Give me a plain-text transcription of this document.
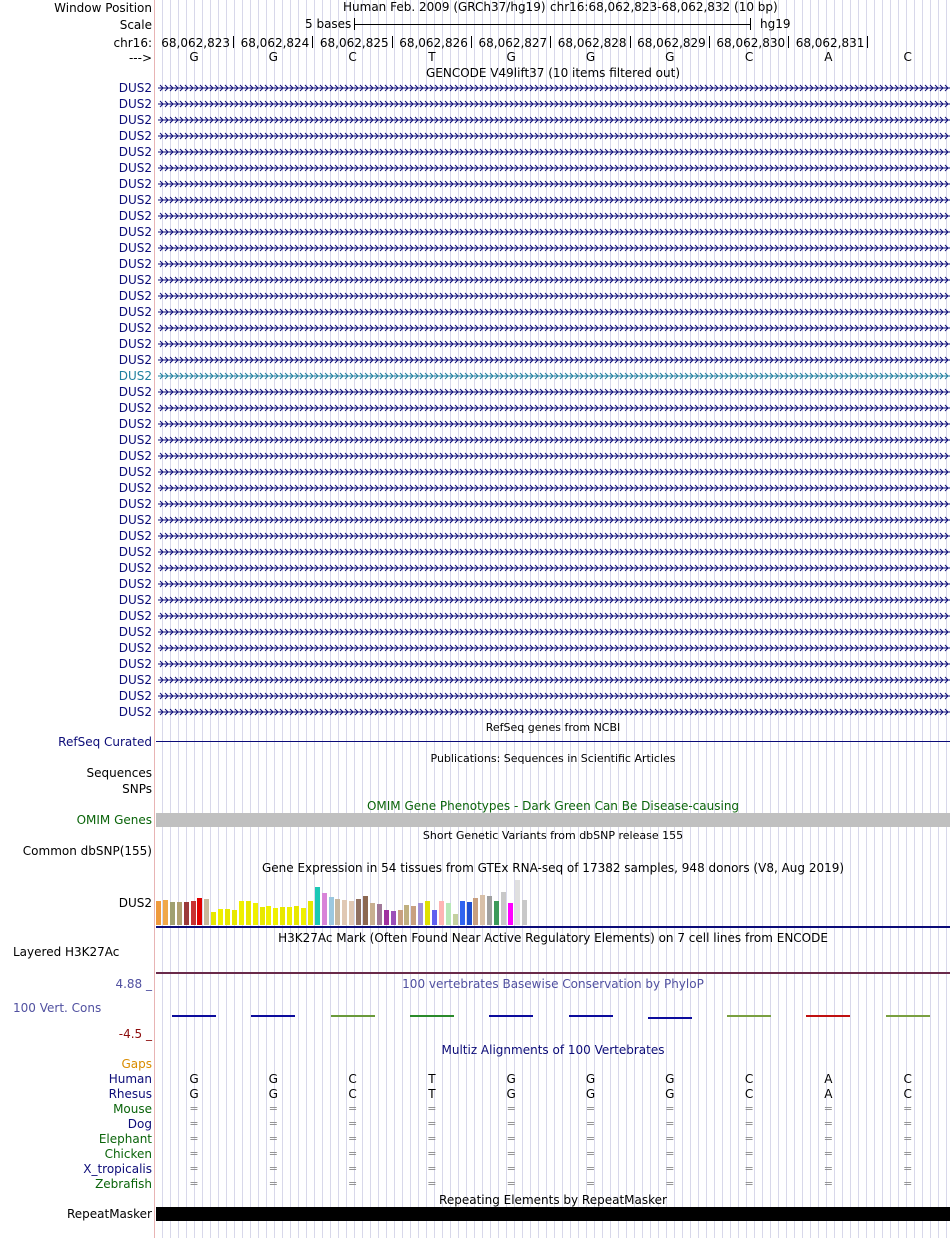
Window Position	Human Feb. 2009 (GRCh37/hg19) chr16:68,062,823-68,062,832 (10 bp)
Scale	5 bases	hg19
chr16: 68,062,823 68,062,824 68,062,825 68,062,826 68,062,827 68,062,828 68,062,829 68,062,830 68,062,831
--->	G	G	C	T	G	G	G	C	A	C
GENCODE V49lift37 (10 items filtered out)
DUS2
DUS2
DUS2
DUS2
DUS2
DUS2
DUS2
DUS2
DUS2
DUS2
DUS2
DUS2
DUS2
DUS2
DUS2
DUS2
DUS2
DUS2
DUS2
DUS2
DUS2
DUS2
DUS2
DUS2
DUS2
DUS2
DUS2
DUS2
DUS2
DUS2
DUS2
DUS2
DUS2
DUS2
DUS2
DUS2
DUS2
DUS2
DUS2
DUS2
RefSeq genes from NCBI
RefSeq Curated
Publications: Sequences in Scientific Articles
Sequences
SNPs
OMIM Gene Phenotypes - Dark Green Can Be Disease-causing
OMIM Genes
Short Genetic Variants from dbSNP release 155
Common dbSNP(155)
Gene Expression in 54 tissues from GTEx RNA-seq of 17382 samples, 948 donors (V8, Aug 2019)
DUS2
H3K27Ac Mark (Often Found Near Active Regulatory Elements) on 7 cell lines from ENCODE
Layered H3K27Ac
100 vertebrates Basewise Conservation by PhyloP
4.88 _
100 Vert. Cons
-4.5 _
Multiz Alignments of 100 Vertebrates
Gaps
Human	G	G	C	T	G	G	G	C	A	C
Rhesus	G	G	C	T	G	G	G	C	A	C
Mouse	=	=	=	=	=	=	=	=	=	=
Dog	=	=	=	=	=	=	=	=	=	=
Elephant	=	=	=	=	=	=	=	=	=	=
Chicken	=	=	=	=	=	=	=	=	=	=
X_tropicalis	=	=	=	=	=	=	=	=	=	=
Zebrafish	=	=	=	=	=	=	=	=	=	=
Repeating Elements by RepeatMasker
RepeatMasker
